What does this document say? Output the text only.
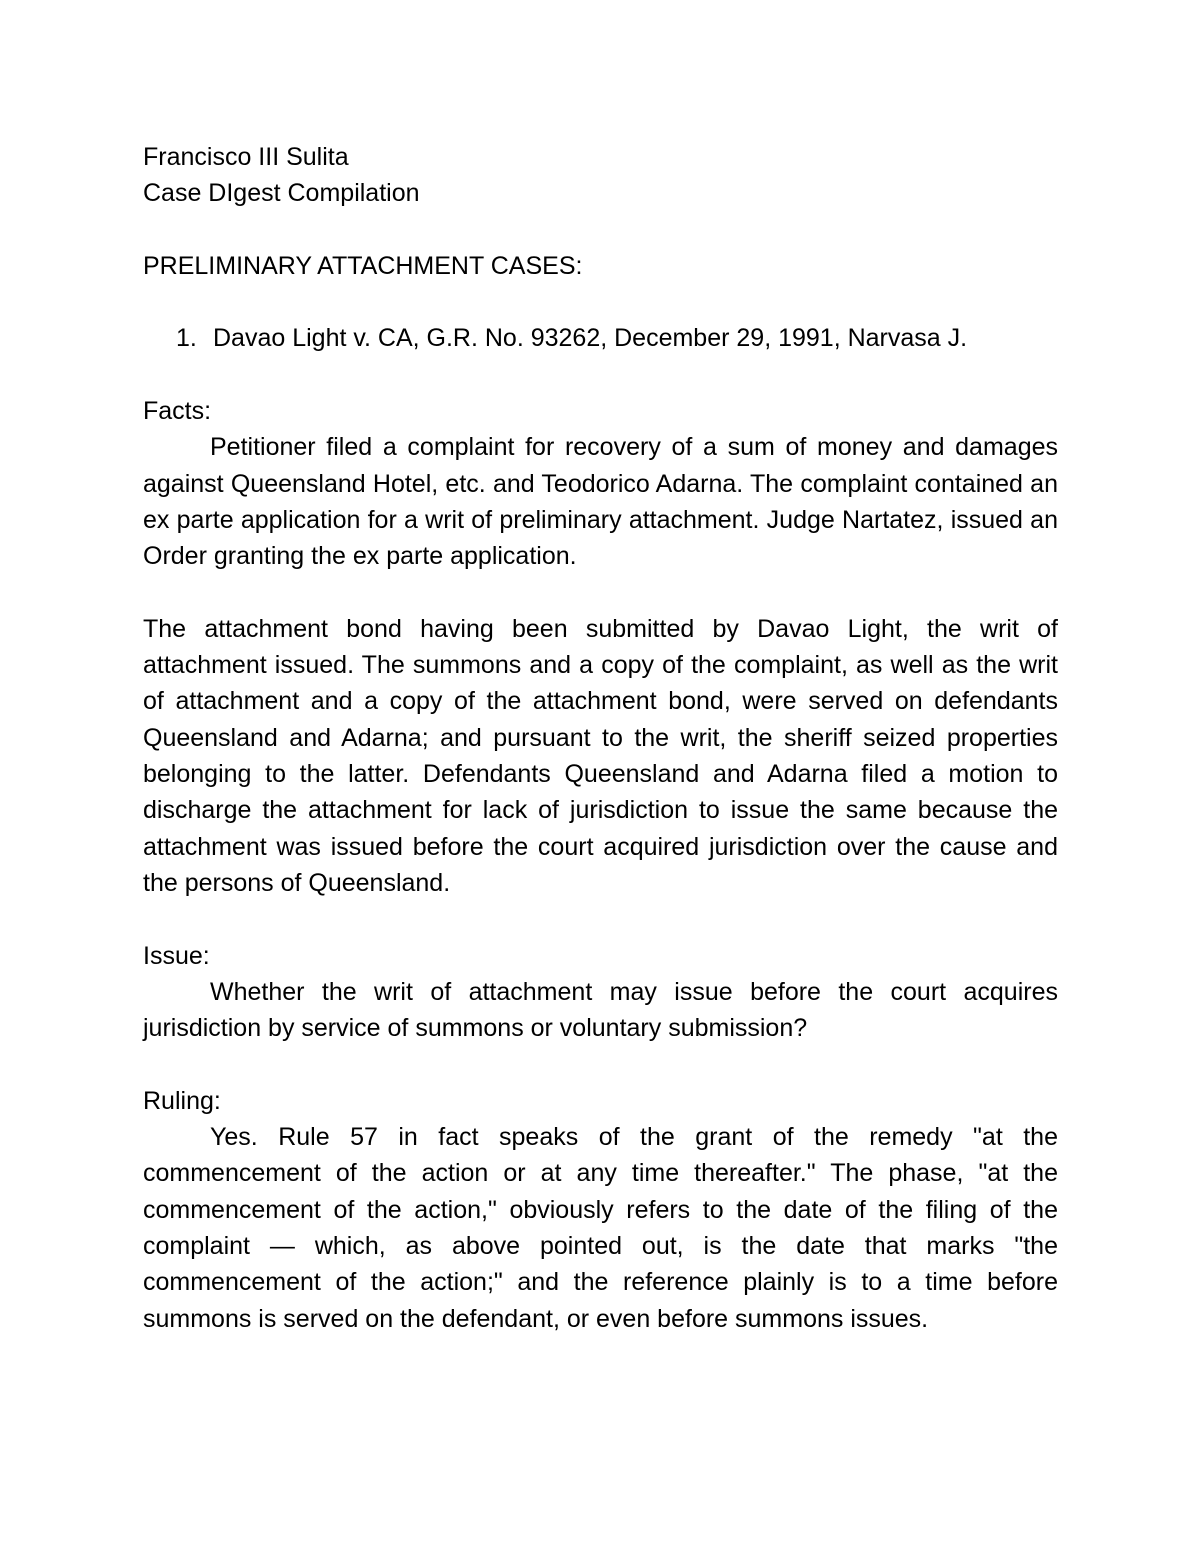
Francisco III Sulita

Case DIgest Compilation

PRELIMINARY ATTACHMENT CASES:

1. Davao Light v. CA, G.R. No. 93262, December 29, 1991, Narvasa J.

Facts:

Petitioner filed a complaint for recovery of a sum of money and damages against Queensland Hotel, etc. and Teodorico Adarna. The complaint contained an ex parte application for a writ of preliminary attachment. Judge Nartatez, issued an Order granting the ex parte application.

The attachment bond having been submitted by Davao Light, the writ of attachment issued. The summons and a copy of the complaint, as well as the writ of attachment and a copy of the attachment bond, were served on defendants Queensland and Adarna; and pursuant to the writ, the sheriff seized properties belonging to the latter. Defendants Queensland and Adarna filed a motion to discharge the attachment for lack of jurisdiction to issue the same because the attachment was issued before the court acquired jurisdiction over the cause and the persons of Queensland.

Issue:

Whether the writ of attachment may issue before the court acquires jurisdiction by service of summons or voluntary submission?

Ruling:

Yes. Rule 57 in fact speaks of the grant of the remedy "at the commencement of the action or at any time thereafter." The phase, "at the commencement of the action," obviously refers to the date of the filing of the complaint — which, as above pointed out, is the date that marks "the commencement of the action;" and the reference plainly is to a time before summons is served on the defendant, or even before summons issues.
